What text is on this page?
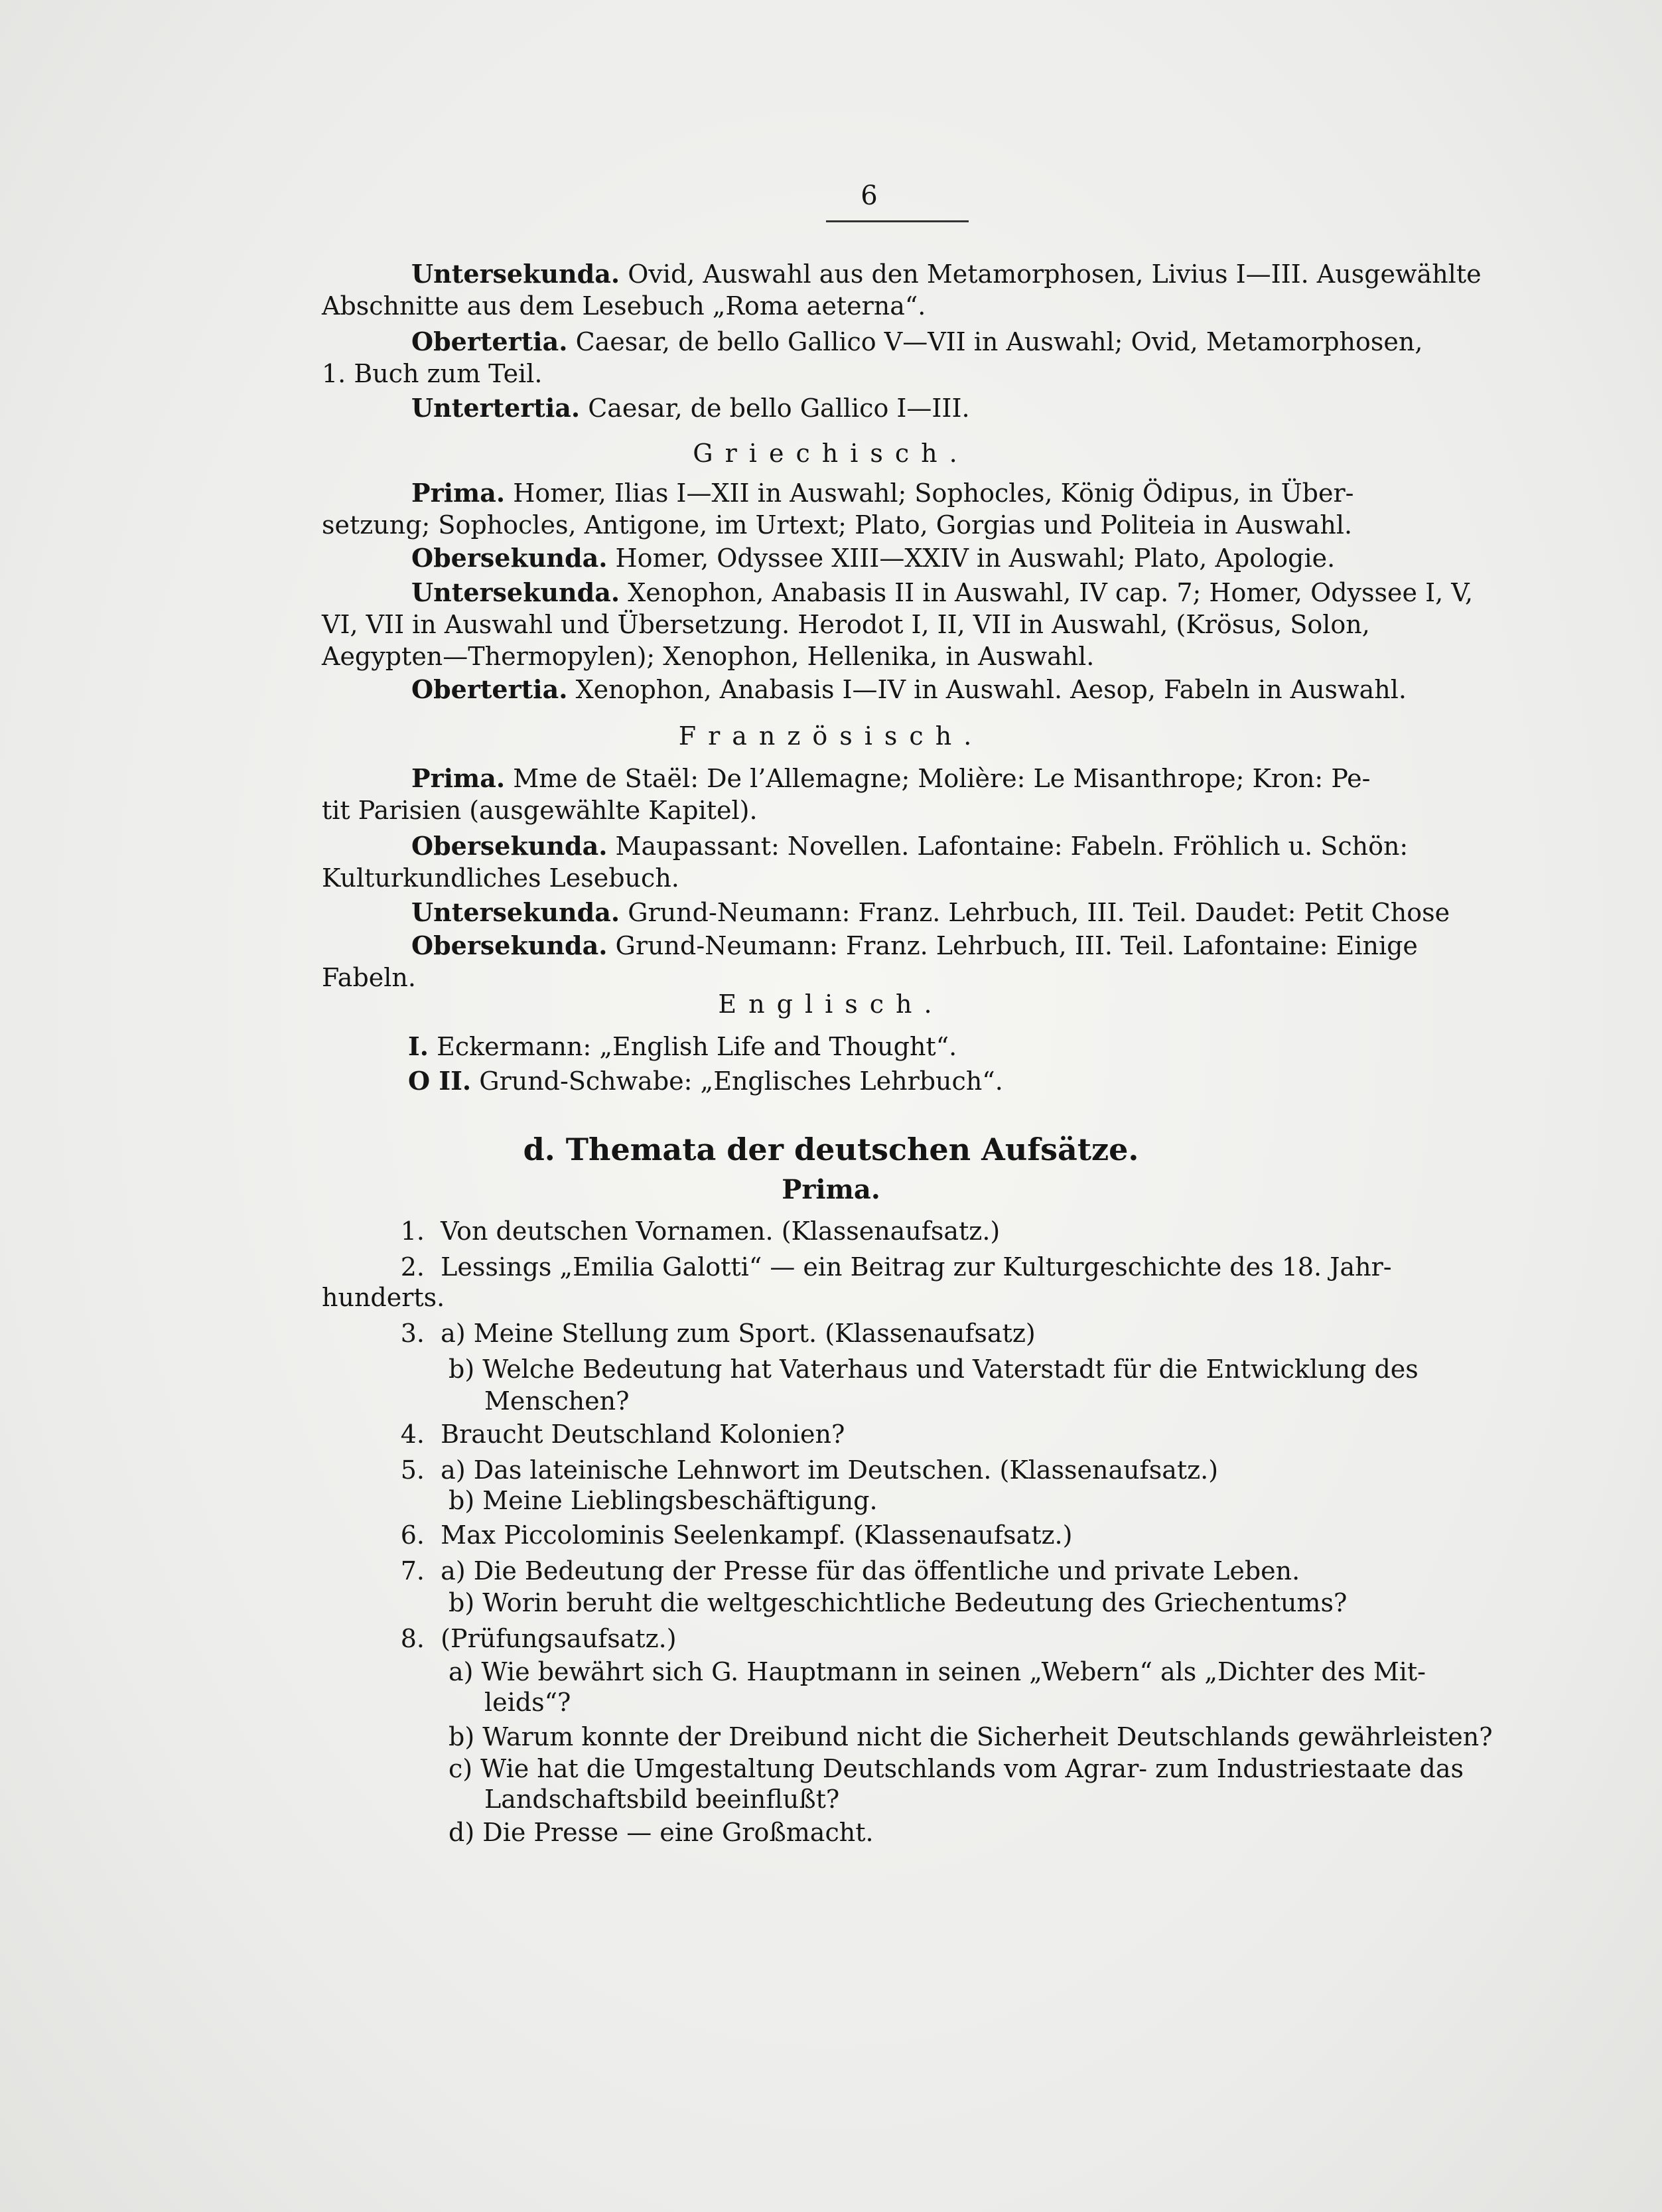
6
Untersekunda. Ovid, Auswahl aus den Metamorphosen, Livius I—III. Ausgewählte
Abschnitte aus dem Lesebuch „Roma aeterna“.
Obertertia. Caesar, de bello Gallico V—VII in Auswahl; Ovid, Metamorphosen,
1. Buch zum Teil.
Untertertia. Caesar, de bello Gallico I—III.
Griechisch.
Prima. Homer, Ilias I—XII in Auswahl; Sophocles, König Ödipus, in Über-
setzung; Sophocles, Antigone, im Urtext; Plato, Gorgias und Politeia in Auswahl.
Obersekunda. Homer, Odyssee XIII—XXIV in Auswahl; Plato, Apologie.
Untersekunda. Xenophon, Anabasis II in Auswahl, IV cap. 7; Homer, Odyssee I, V,
VI, VII in Auswahl und Übersetzung. Herodot I, II, VII in Auswahl, (Krösus, Solon,
Aegypten—Thermopylen); Xenophon, Hellenika, in Auswahl.
Obertertia. Xenophon, Anabasis I—IV in Auswahl. Aesop, Fabeln in Auswahl.
Französisch.
Prima. Mme de Staël: De l’Allemagne; Molière: Le Misanthrope; Kron: Pe-
tit Parisien (ausgewählte Kapitel).
Obersekunda. Maupassant: Novellen. Lafontaine: Fabeln. Fröhlich u. Schön:
Kulturkundliches Lesebuch.
Untersekunda. Grund-Neumann: Franz. Lehrbuch, III. Teil. Daudet: Petit Chose
Obersekunda. Grund-Neumann: Franz. Lehrbuch, III. Teil. Lafontaine: Einige
Fabeln.
Englisch.
I. Eckermann: „English Life and Thought“.
O II. Grund-Schwabe: „Englisches Lehrbuch“.
d. Themata der deutschen Aufsätze.
Prima.
1. Von deutschen Vornamen. (Klassenaufsatz.)
2. Lessings „Emilia Galotti“ — ein Beitrag zur Kulturgeschichte des 18. Jahr-
hunderts.
3. a) Meine Stellung zum Sport. (Klassenaufsatz)
b) Welche Bedeutung hat Vaterhaus und Vaterstadt für die Entwicklung des
Menschen?
4. Braucht Deutschland Kolonien?
5. a) Das lateinische Lehnwort im Deutschen. (Klassenaufsatz.)
b) Meine Lieblingsbeschäftigung.
6. Max Piccolominis Seelenkampf. (Klassenaufsatz.)
7. a) Die Bedeutung der Presse für das öffentliche und private Leben.
b) Worin beruht die weltgeschichtliche Bedeutung des Griechentums?
8. (Prüfungsaufsatz.)
a) Wie bewährt sich G. Hauptmann in seinen „Webern“ als „Dichter des Mit-
leids“?
b) Warum konnte der Dreibund nicht die Sicherheit Deutschlands gewährleisten?
c) Wie hat die Umgestaltung Deutschlands vom Agrar- zum Industriestaate das
Landschaftsbild beeinflußt?
d) Die Presse — eine Großmacht.
